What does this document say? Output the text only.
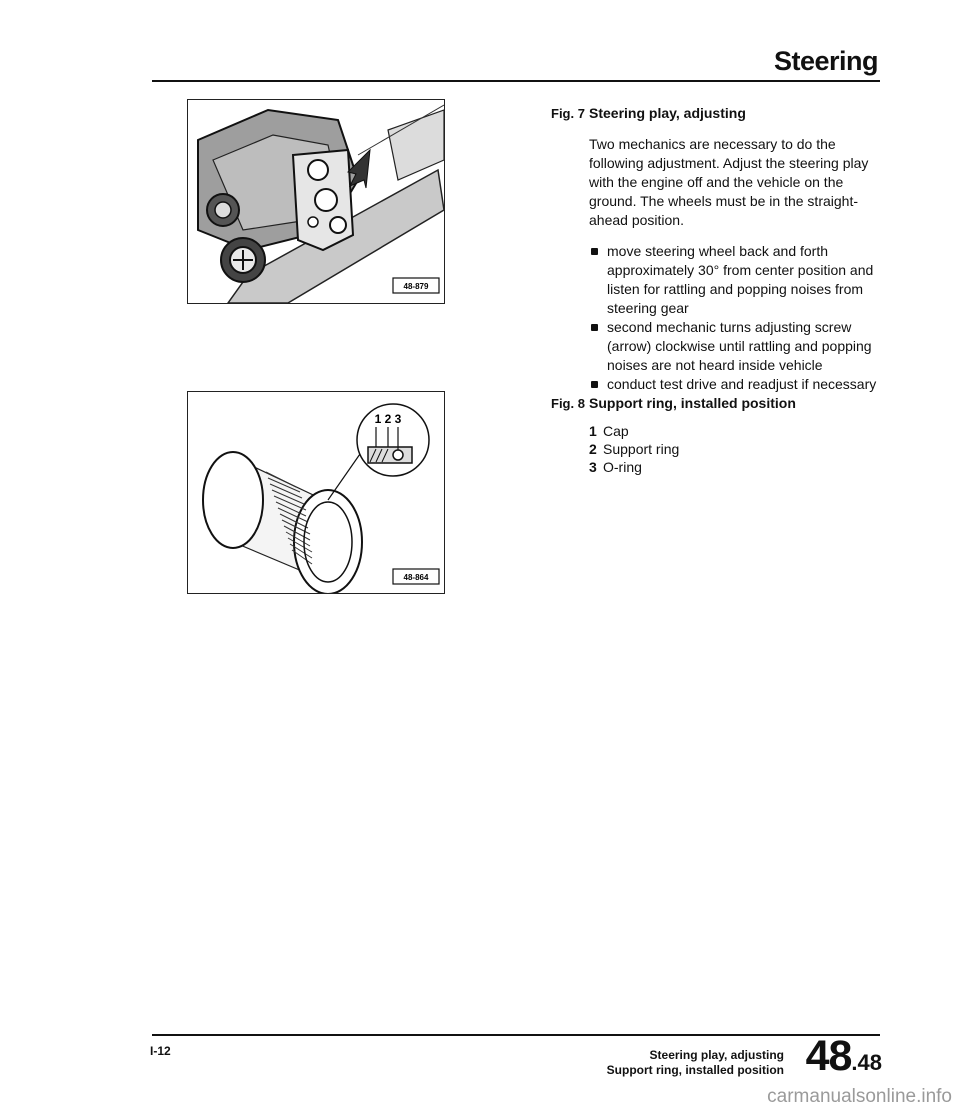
Steering
48-879
1 2 3
48-864
Fig. 7 Steering play, adjusting
Two mechanics are necessary to do the following adjustment. Adjust the steering play with the engine off and the vehicle on the ground. The wheels must be in the straight-ahead position.
move steering wheel back and forth approximately 30° from center position and listen for rattling and popping noises from steering gear
second mechanic turns adjusting screw (arrow) clockwise until rattling and popping noises are not heard inside vehicle
conduct test drive and readjust if necessary
Fig. 8 Support ring, installed position
1 Cap
2 Support ring
3 O-ring
I-12	Steering play, adjusting
Support ring, installed position 48.48
carmanualsonline.info
